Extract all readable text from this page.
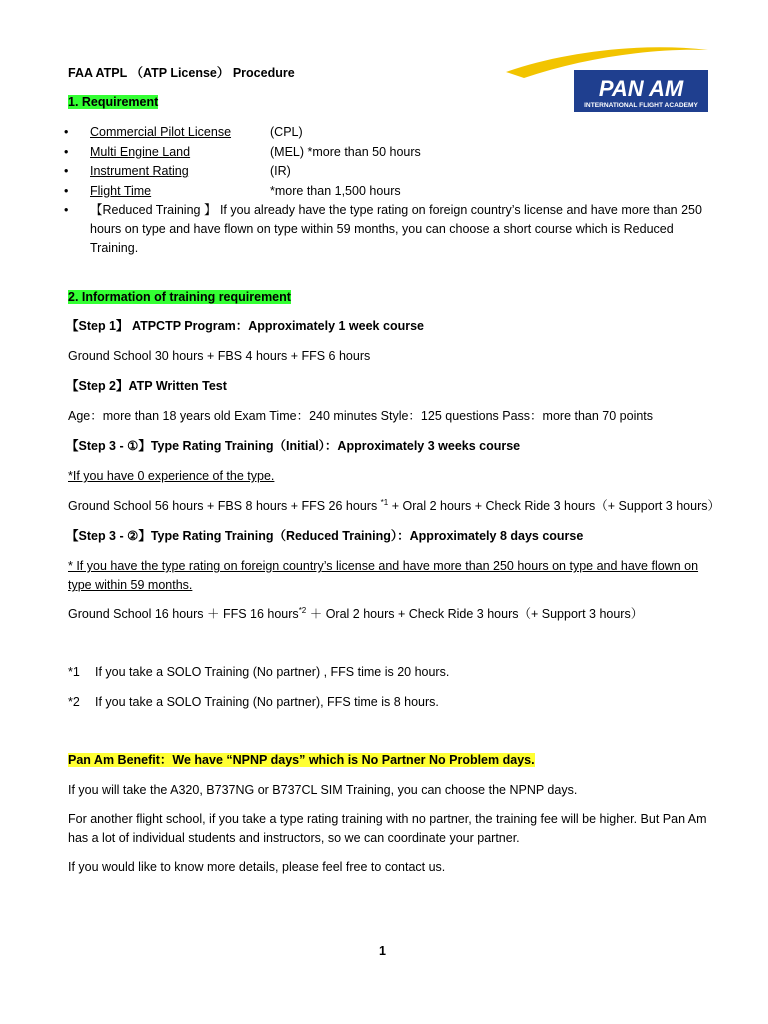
PAN AM
INTERNATIONAL FLIGHT ACADEMY
FAA ATPL （ATP License） Procedure
1. Requirement
• Commercial Pilot License	(CPL)
• Multi Engine Land	(MEL) *more than 50 hours
• Instrument Rating	(IR)
• Flight Time	*more than 1,500 hours
• 【Reduced Training 】 If you already have the type rating on foreign country’s license and have more than 250 hours on type and have flown on type within 59 months, you can choose a short course which is Reduced Training.
2. Information of training requirement
【Step 1】 ATPCTP Program：Approximately 1 week course
Ground School 30 hours + FBS 4 hours + FFS 6 hours
【Step 2】ATP Written Test
Age：more than 18 years old Exam Time：240 minutes Style：125 questions Pass：more than 70 points
【Step 3 - ①】Type Rating Training（Initial）：Approximately 3 weeks course
*If you have 0 experience of the type.
Ground School 56 hours + FBS 8 hours + FFS 26 hours $^{*1}$ + Oral 2 hours + Check Ride 3 hours（+ Support 3 hours）
【Step 3 - ②】Type Rating Training（Reduced Training）：Approximately 8 days course
* If you have the type rating on foreign country’s license and have more than 250 hours on type and have flown on type within 59 months.
Ground School 16 hours ＋ FFS 16 hours$^{*2}$ ＋ Oral 2 hours + Check Ride 3 hours（+ Support 3 hours）
*1 If you take a SOLO Training (No partner) , FFS time is 20 hours.
*2 If you take a SOLO Training (No partner), FFS time is 8 hours.
Pan Am Benefit：We have “NPNP days” which is No Partner No Problem days.
If you will take the A320, B737NG or B737CL SIM Training, you can choose the NPNP days.
For another flight school, if you take a type rating training with no partner, the training fee will be higher. But Pan Am has a lot of individual students and instructors, so we can coordinate your partner.
If you would like to know more details, please feel free to contact us.
1
